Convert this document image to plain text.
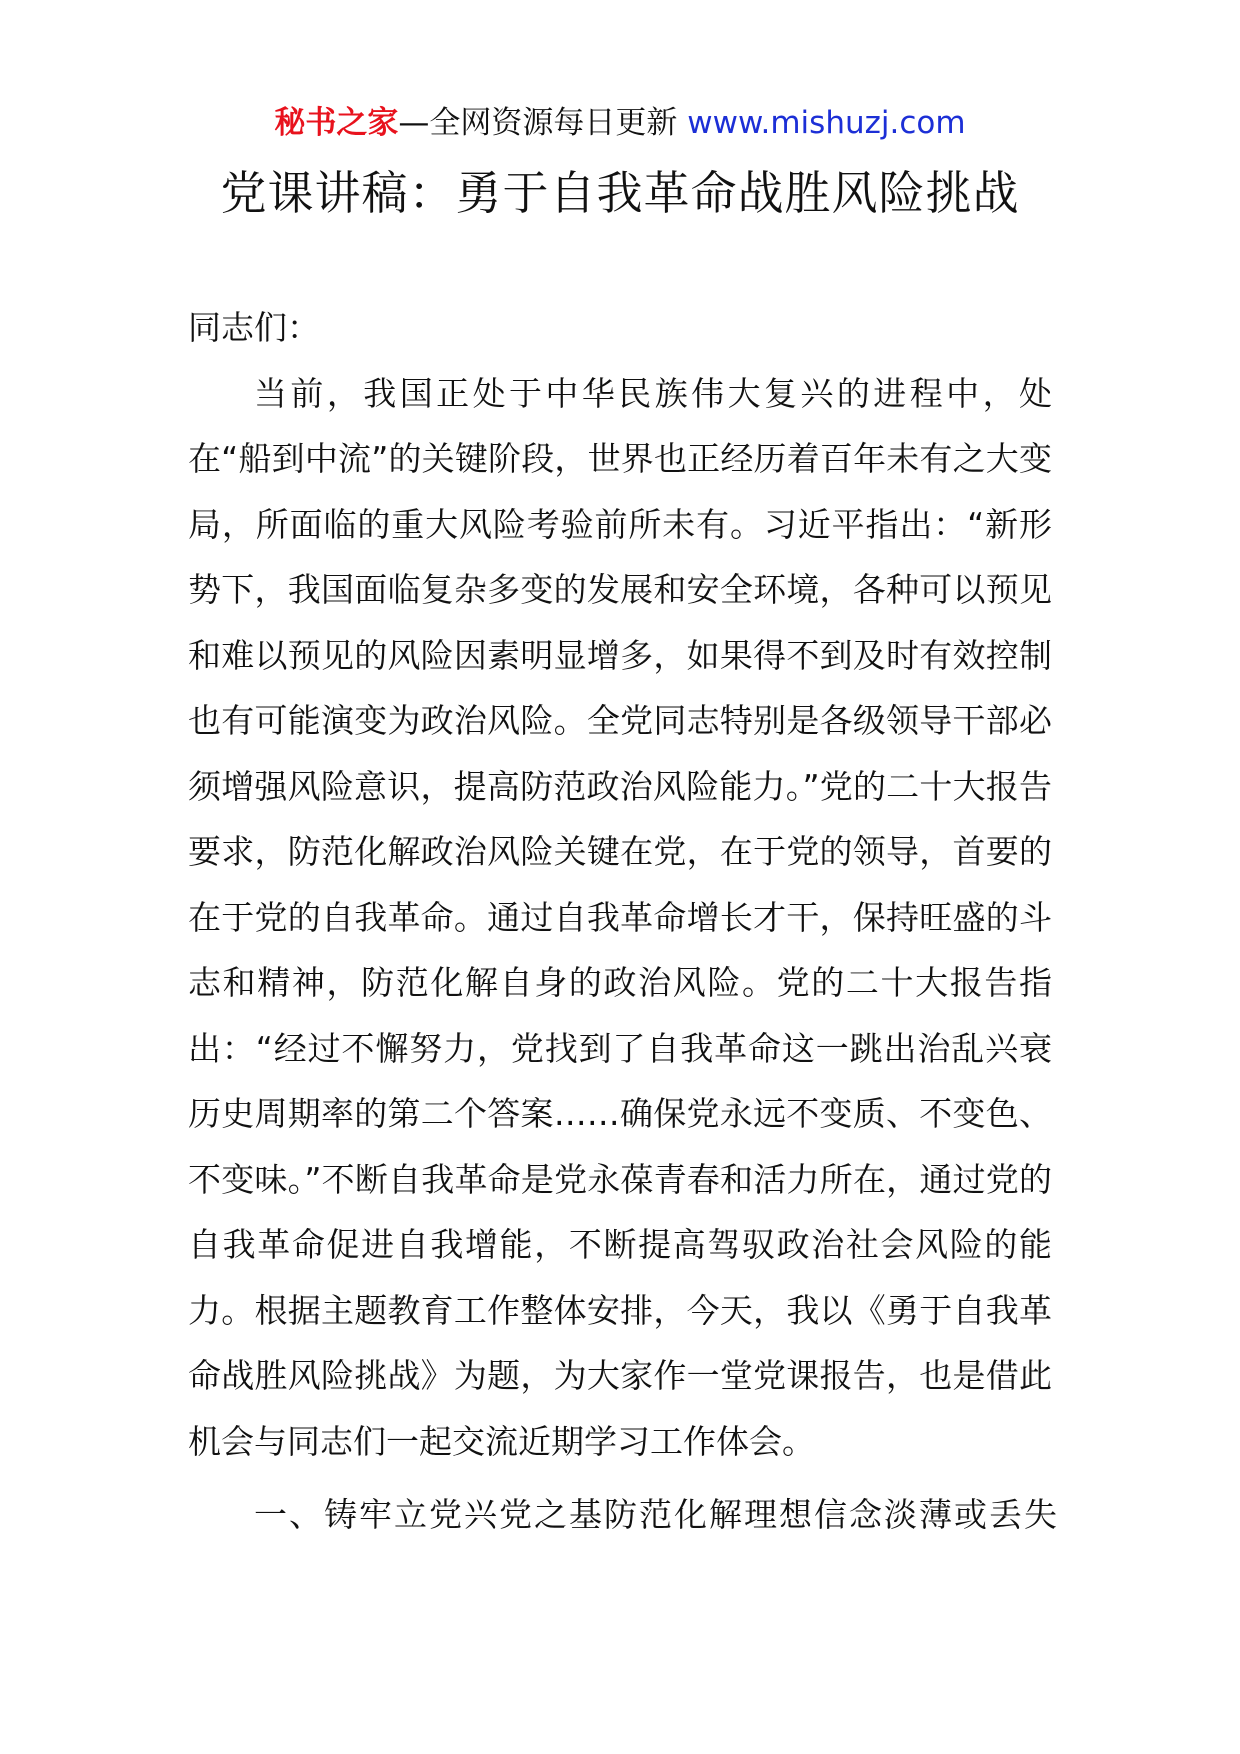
秘书之家—全网资源每日更新 www.mishuzj.com
党课讲稿：勇于自我革命战胜风险挑战

同志们：

当前，我国正处于中华民族伟大复兴的进程中，处在“船到中流”的关键阶段，世界也正经历着百年未有之大变局，所面临的重大风险考验前所未有。习近平指出：“新形势下，我国面临复杂多变的发展和安全环境，各种可以预见和难以预见的风险因素明显增多，如果得不到及时有效控制也有可能演变为政治风险。全党同志特别是各级领导干部必须增强风险意识，提高防范政治风险能力。”党的二十大报告要求，防范化解政治风险关键在党，在于党的领导，首要的在于党的自我革命。通过自我革命增长才干，保持旺盛的斗志和精神，防范化解自身的政治风险。党的二十大报告指出：“经过不懈努力，党找到了自我革命这一跳出治乱兴衰历史周期率的第二个答案……确保党永远不变质、不变色、不变味。”不断自我革命是党永葆青春和活力所在，通过党的自我革命促进自我增能，不断提高驾驭政治社会风险的能力。根据主题教育工作整体安排，今天，我以《勇于自我革命战胜风险挑战》为题，为大家作一堂党课报告，也是借此机会与同志们一起交流近期学习工作体会。

一、铸牢立党兴党之基防范化解理想信念淡薄或丢失
